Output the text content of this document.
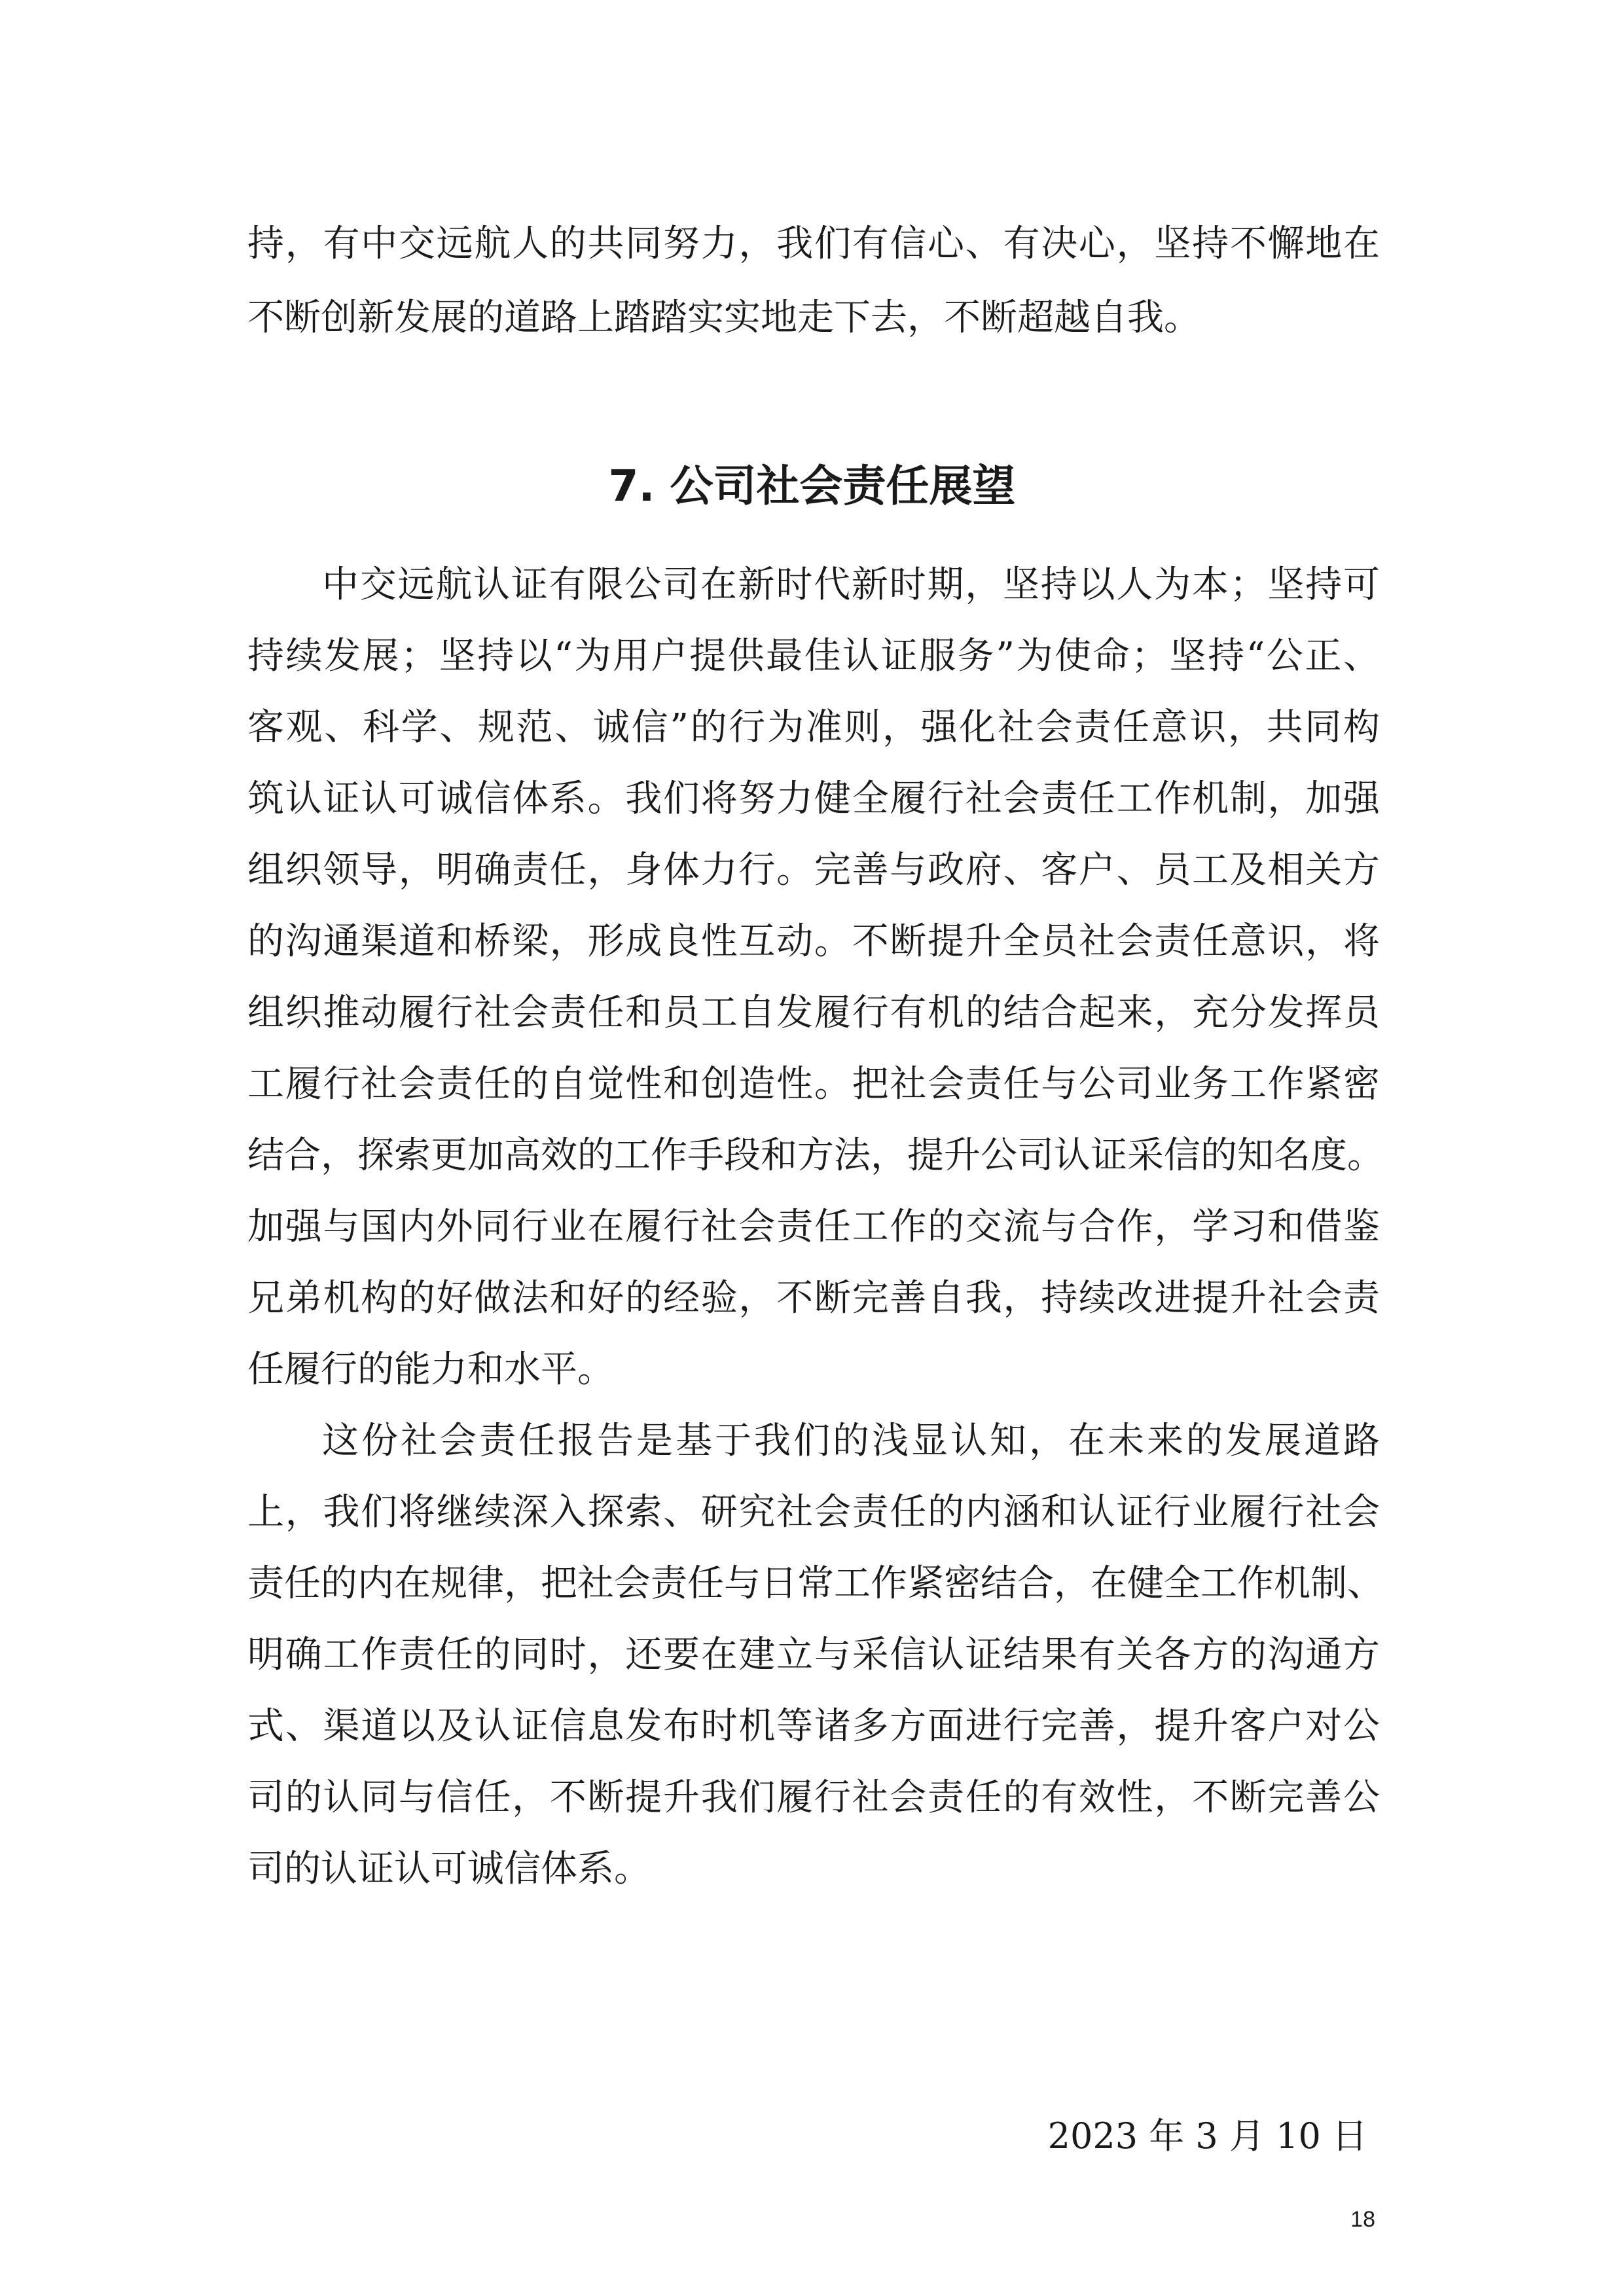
持，有中交远航人的共同努力，我们有信心、有决心，坚持不懈地在
不断创新发展的道路上踏踏实实地走下去，不断超越自我。
7. 公司社会责任展望
中交远航认证有限公司在新时代新时期，坚持以人为本；坚持可
持续发展；坚持以“为用户提供最佳认证服务”为使命；坚持“公正、
客观、科学、规范、诚信”的行为准则，强化社会责任意识，共同构
筑认证认可诚信体系。我们将努力健全履行社会责任工作机制，加强
组织领导，明确责任，身体力行。完善与政府、客户、员工及相关方
的沟通渠道和桥梁，形成良性互动。不断提升全员社会责任意识，将
组织推动履行社会责任和员工自发履行有机的结合起来，充分发挥员
工履行社会责任的自觉性和创造性。把社会责任与公司业务工作紧密
结合，探索更加高效的工作手段和方法，提升公司认证采信的知名度。
加强与国内外同行业在履行社会责任工作的交流与合作，学习和借鉴
兄弟机构的好做法和好的经验，不断完善自我，持续改进提升社会责
任履行的能力和水平。
这份社会责任报告是基于我们的浅显认知，在未来的发展道路
上，我们将继续深入探索、研究社会责任的内涵和认证行业履行社会
责任的内在规律，把社会责任与日常工作紧密结合，在健全工作机制、
明确工作责任的同时，还要在建立与采信认证结果有关各方的沟通方
式、渠道以及认证信息发布时机等诸多方面进行完善，提升客户对公
司的认同与信任，不断提升我们履行社会责任的有效性，不断完善公
司的认证认可诚信体系。
2023 年 3 月 10 日
18
